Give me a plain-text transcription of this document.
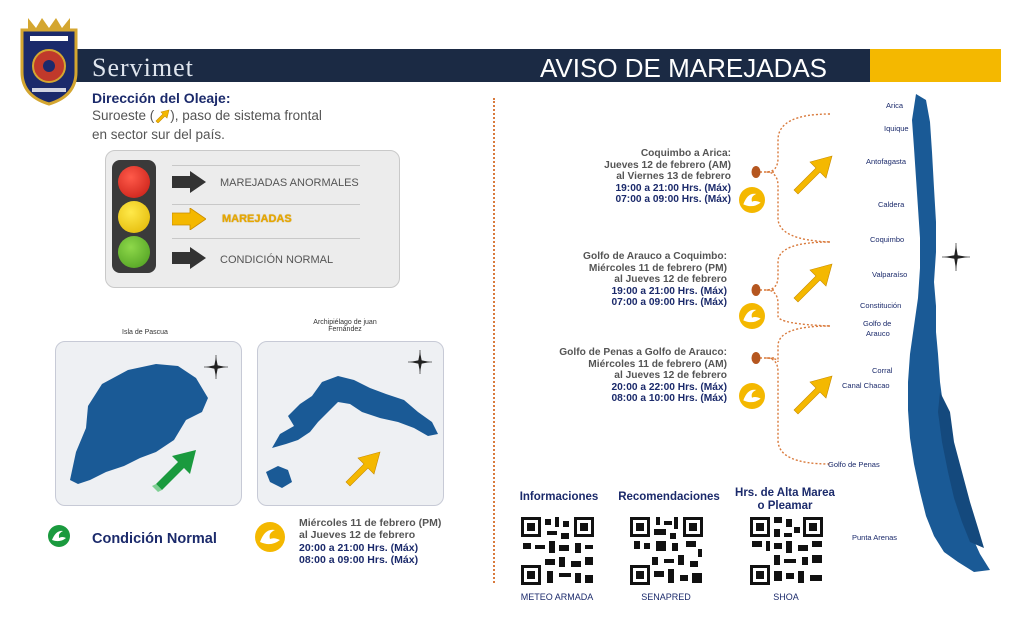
Servimet	AVISO DE MAREJADAS
Dirección del Oleaje:
Suroeste ( ), paso de sistema frontal
en sector sur del país.
MAREJADAS ANORMALES
MAREJADAS
CONDICIÓN NORMAL
Isla de Pascua
Archipiélago de juan
Fernández
Condición Normal
Miércoles 11 de febrero (PM)
al Jueves 12 de febrero
20:00 a 21:00 Hrs. (Máx)
08:00 a 09:00 Hrs. (Máx)
Coquimbo a Arica:
Jueves 12 de febrero (AM)
al Viernes 13 de febrero
19:00 a 21:00 Hrs. (Máx)
07:00 a 09:00 Hrs. (Máx)
Golfo de Arauco a Coquimbo:
Miércoles 11 de febrero (PM)
al Jueves 12 de febrero
19:00 a 21:00 Hrs. (Máx)
07:00 a 09:00 Hrs. (Máx)
Golfo de Penas a Golfo de Arauco:
Miércoles 11 de febrero (AM)
al Jueves 12 de febrero
20:00 a 22:00 Hrs. (Máx)
08:00 a 10:00 Hrs. (Máx)
Arica
Iquique
Antofagasta
Caldera
Coquimbo
Valparaíso
Constitución
Golfo de
Arauco
Corral
Canal Chacao
Golfo de Penas
Punta Arenas
Informaciones	Recomendaciones	Hrs. de Alta Marea
o Pleamar
METEO ARMADA	SENAPRED	SHOA
